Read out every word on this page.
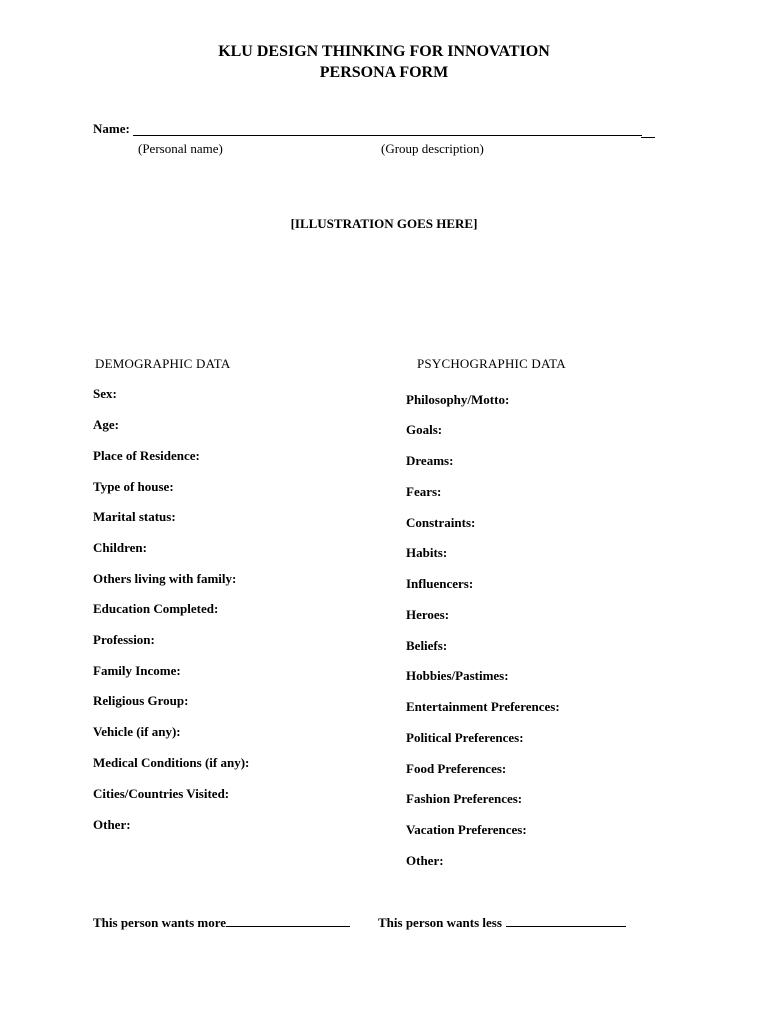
KLU DESIGN THINKING FOR INNOVATION
PERSONA FORM
Name:
(Personal name)	(Group description)
[ILLUSTRATION GOES HERE]
DEMOGRAPHIC DATA	PSYCHOGRAPHIC DATA
Sex:
Age:
Place of Residence:
Type of house:
Marital status:
Children:
Others living with family:
Education Completed:
Profession:
Family Income:
Religious Group:
Vehicle (if any):
Medical Conditions (if any):
Cities/Countries Visited:
Other:
Philosophy/Motto:
Goals:
Dreams:
Fears:
Constraints:
Habits:
Influencers:
Heroes:
Beliefs:
Hobbies/Pastimes:
Entertainment Preferences:
Political Preferences:
Food Preferences:
Fashion Preferences:
Vacation Preferences:
Other:
This person wants more	This person wants less
